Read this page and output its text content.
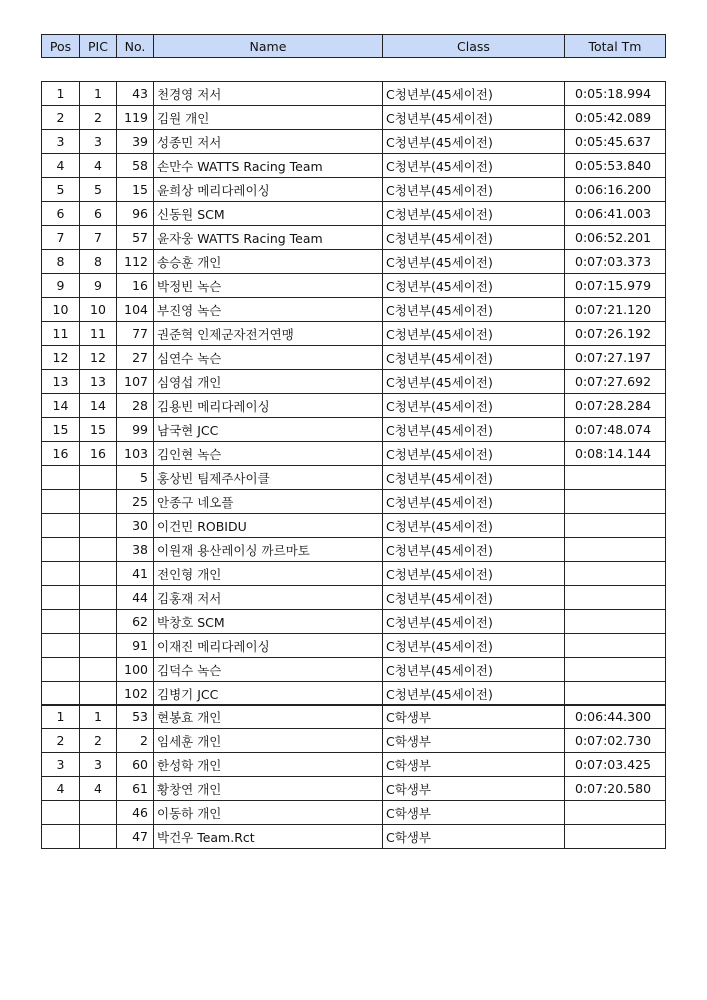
Pos	PIC	No.	Name	Class	Total Tm
1	1	43	천경영 저서	C청년부(45세이전)	0:05:18.994
2	2	119	김원 개인	C청년부(45세이전)	0:05:42.089
3	3	39	성종민 저서	C청년부(45세이전)	0:05:45.637
4	4	58	손만수 WATTS Racing Team	C청년부(45세이전)	0:05:53.840
5	5	15	윤희상 메리다레이싱	C청년부(45세이전)	0:06:16.200
6	6	96	신동원 SCM	C청년부(45세이전)	0:06:41.003
7	7	57	윤자웅 WATTS Racing Team	C청년부(45세이전)	0:06:52.201
8	8	112	송승훈 개인	C청년부(45세이전)	0:07:03.373
9	9	16	박정빈 녹슨	C청년부(45세이전)	0:07:15.979
10	10	104	부진영 녹슨	C청년부(45세이전)	0:07:21.120
11	11	77	권준혁 인제군자전거연맹	C청년부(45세이전)	0:07:26.192
12	12	27	심연수 녹슨	C청년부(45세이전)	0:07:27.197
13	13	107	심영섭 개인	C청년부(45세이전)	0:07:27.692
14	14	28	김용빈 메리다레이싱	C청년부(45세이전)	0:07:28.284
15	15	99	남국현 JCC	C청년부(45세이전)	0:07:48.074
16	16	103	김인현 녹슨	C청년부(45세이전)	0:08:14.144
		5	홍상빈 팀제주사이클	C청년부(45세이전)	
		25	안종구 네오플	C청년부(45세이전)	
		30	이건민 ROBIDU	C청년부(45세이전)	
		38	이원재 용산레이싱 까르마토	C청년부(45세이전)	
		41	전인형 개인	C청년부(45세이전)	
		44	김홍재 저서	C청년부(45세이전)	
		62	박창호 SCM	C청년부(45세이전)	
		91	이재진 메리다레이싱	C청년부(45세이전)	
		100	김덕수 녹슨	C청년부(45세이전)	
		102	김병기 JCC	C청년부(45세이전)	
1	1	53	현봉효 개인	C학생부	0:06:44.300
2	2	2	임세훈 개인	C학생부	0:07:02.730
3	3	60	한성학 개인	C학생부	0:07:03.425
4	4	61	황창연 개인	C학생부	0:07:20.580
		46	이동하 개인	C학생부	
		47	박건우 Team.Rct	C학생부	
